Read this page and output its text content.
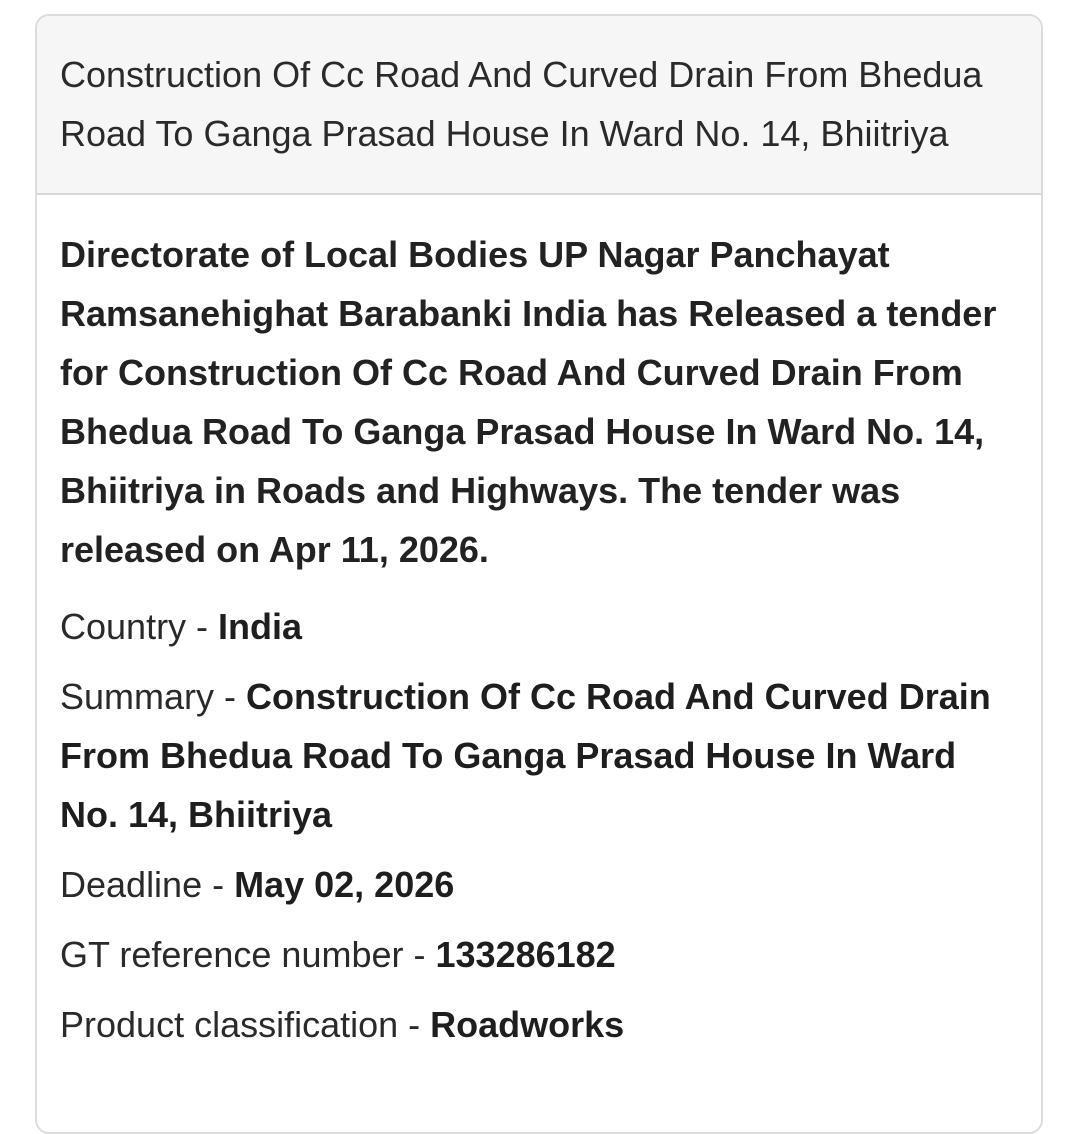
Construction Of Cc Road And Curved Drain From Bhedua Road To Ganga Prasad House In Ward No. 14, Bhiitriya

Directorate of Local Bodies UP Nagar Panchayat Ramsanehighat Barabanki India has Released a tender for Construction Of Cc Road And Curved Drain From Bhedua Road To Ganga Prasad House In Ward No. 14, Bhiitriya in Roads and Highways. The tender was released on Apr 11, 2026.

Country - India

Summary - Construction Of Cc Road And Curved Drain From Bhedua Road To Ganga Prasad House In Ward No. 14, Bhiitriya

Deadline - May 02, 2026

GT reference number - 133286182

Product classification - Roadworks
